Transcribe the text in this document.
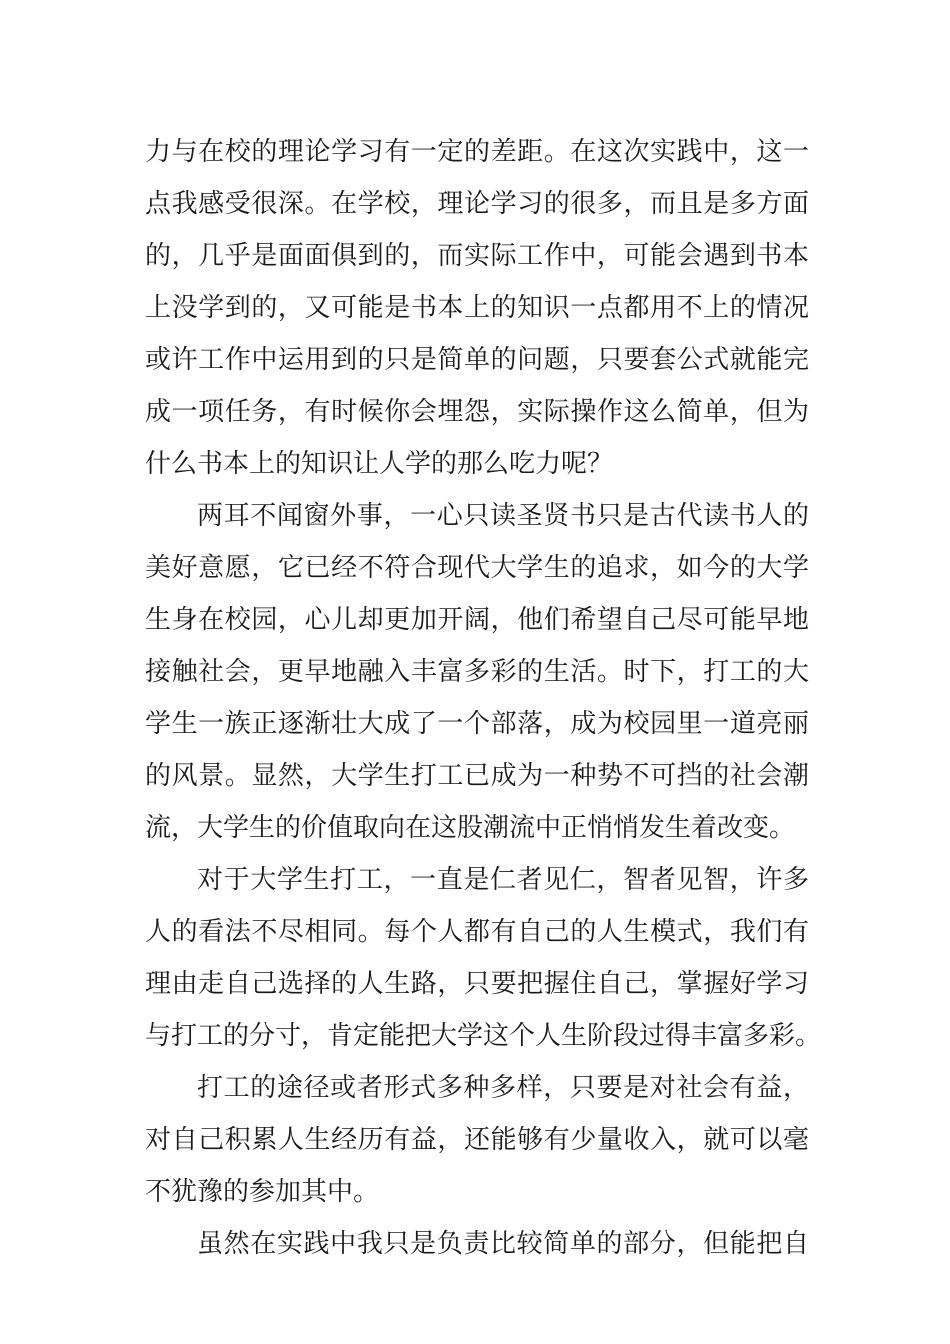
力与在校的理论学习有一定的差距。在这次实践中，这一
点我感受很深。在学校，理论学习的很多，而且是多方面
的，几乎是面面俱到的，而实际工作中，可能会遇到书本
上没学到的，又可能是书本上的知识一点都用不上的情况
或许工作中运用到的只是简单的问题，只要套公式就能完
成一项任务，有时候你会埋怨，实际操作这么简单，但为
什么书本上的知识让人学的那么吃力呢？
两耳不闻窗外事，一心只读圣贤书只是古代读书人的
美好意愿，它已经不符合现代大学生的追求，如今的大学
生身在校园，心儿却更加开阔，他们希望自己尽可能早地
接触社会，更早地融入丰富多彩的生活。时下，打工的大
学生一族正逐渐壮大成了一个部落，成为校园里一道亮丽
的风景。显然，大学生打工已成为一种势不可挡的社会潮
流，大学生的价值取向在这股潮流中正悄悄发生着改变。
对于大学生打工，一直是仁者见仁，智者见智，许多
人的看法不尽相同。每个人都有自己的人生模式，我们有
理由走自己选择的人生路，只要把握住自己，掌握好学习
与打工的分寸，肯定能把大学这个人生阶段过得丰富多彩。
打工的途径或者形式多种多样，只要是对社会有益，
对自己积累人生经历有益，还能够有少量收入，就可以毫
不犹豫的参加其中。
虽然在实践中我只是负责比较简单的部分，但能把自
